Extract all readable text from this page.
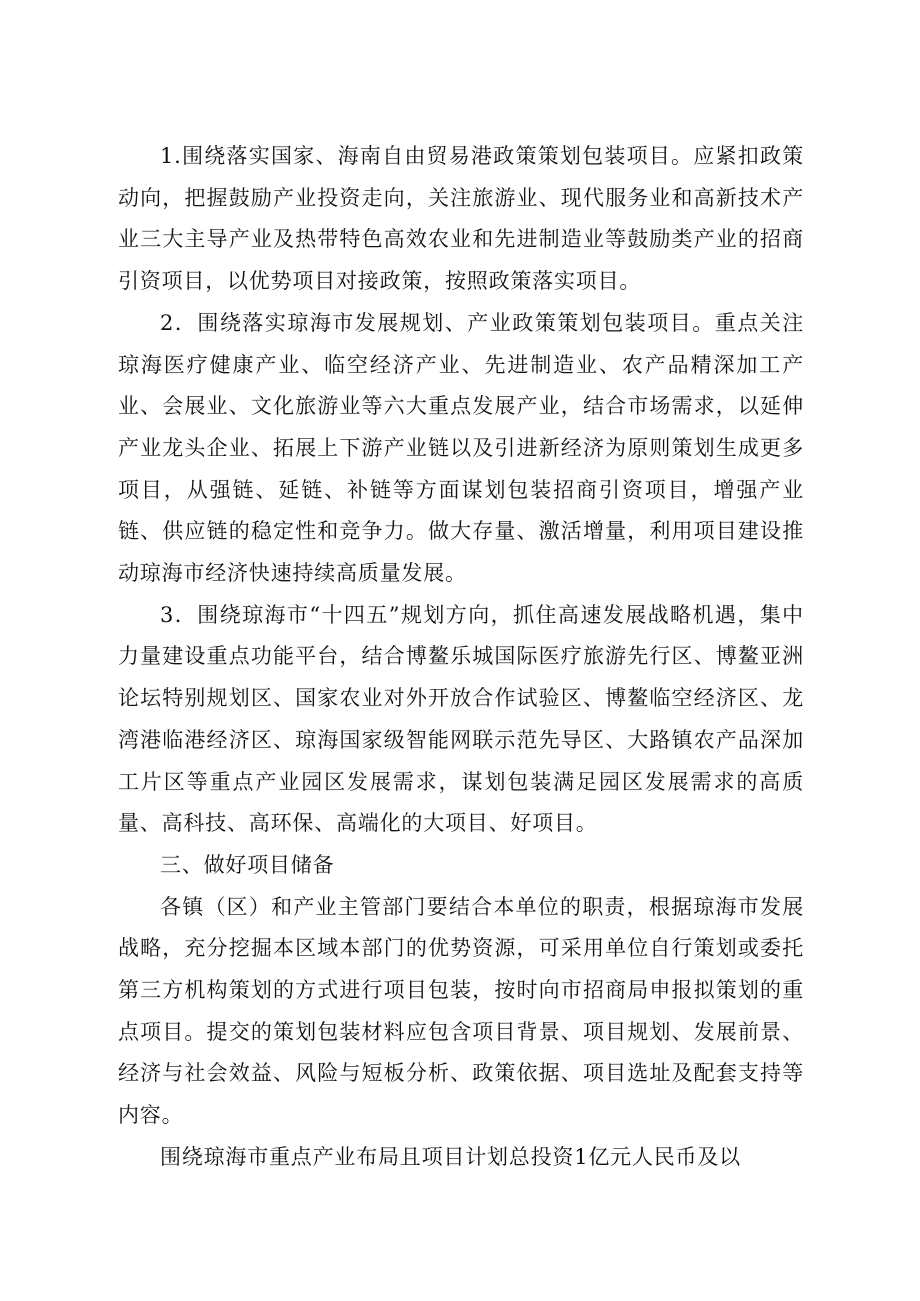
1.围绕落实国家、海南自由贸易港政策策划包装项目。应紧扣政策动向，把握鼓励产业投资走向，关注旅游业、现代服务业和高新技术产业三大主导产业及热带特色高效农业和先进制造业等鼓励类产业的招商引资项目，以优势项目对接政策，按照政策落实项目。

2．围绕落实琼海市发展规划、产业政策策划包装项目。重点关注琼海医疗健康产业、临空经济产业、先进制造业、农产品精深加工产业、会展业、文化旅游业等六大重点发展产业，结合市场需求，以延伸产业龙头企业、拓展上下游产业链以及引进新经济为原则策划生成更多项目，从强链、延链、补链等方面谋划包装招商引资项目，增强产业链、供应链的稳定性和竞争力。做大存量、激活增量，利用项目建设推动琼海市经济快速持续高质量发展。

3．围绕琼海市“十四五”规划方向，抓住高速发展战略机遇，集中力量建设重点功能平台，结合博鳌乐城国际医疗旅游先行区、博鳌亚洲论坛特别规划区、国家农业对外开放合作试验区、博鳌临空经济区、龙湾港临港经济区、琼海国家级智能网联示范先导区、大路镇农产品深加工片区等重点产业园区发展需求，谋划包装满足园区发展需求的高质量、高科技、高环保、高端化的大项目、好项目。

三、做好项目储备

各镇（区）和产业主管部门要结合本单位的职责，根据琼海市发展战略，充分挖掘本区域本部门的优势资源，可采用单位自行策划或委托第三方机构策划的方式进行项目包装，按时向市招商局申报拟策划的重点项目。提交的策划包装材料应包含项目背景、项目规划、发展前景、经济与社会效益、风险与短板分析、政策依据、项目选址及配套支持等内容。

围绕琼海市重点产业布局且项目计划总投资1亿元人民币及以
